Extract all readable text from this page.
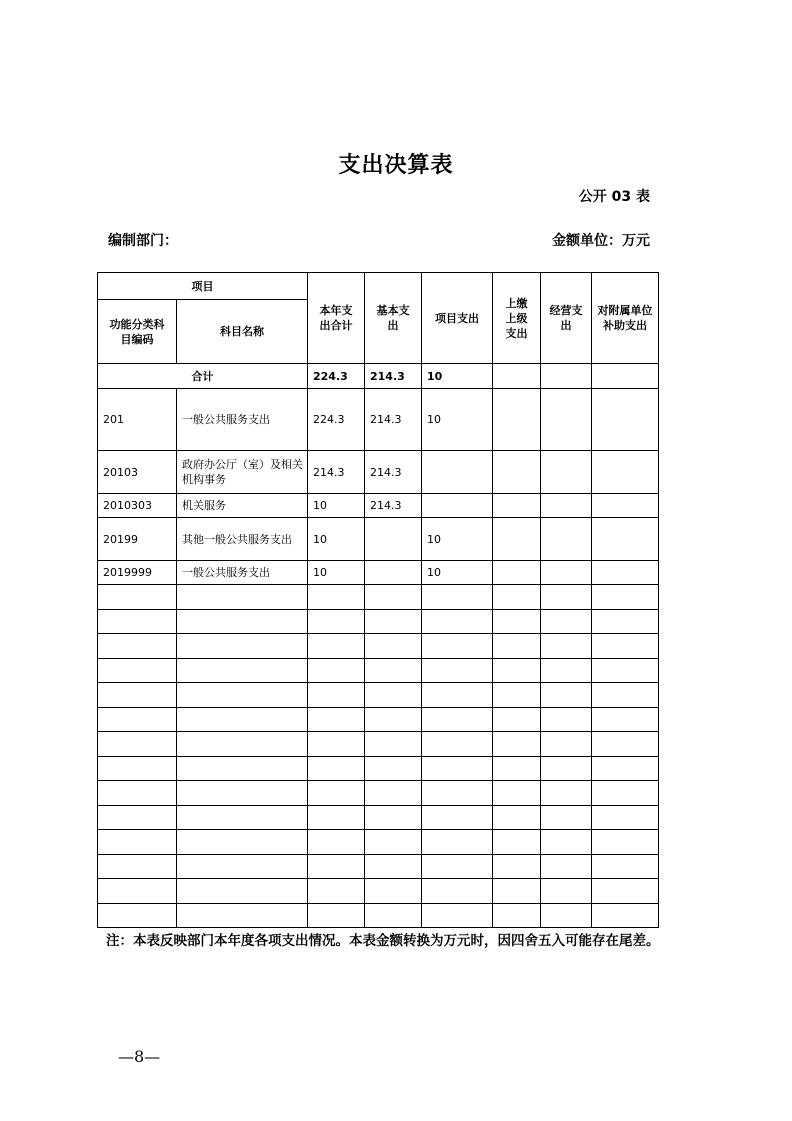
支出决算表
公开 03 表
编制部门：	金额单位：万元
项目		本年支出合计	基本支出	项目支出	上缴上级支出	经营支出	对附属单位补助支出
功能分类科目编码	科目名称						
合计		224.3	214.3	10			
201	一般公共服务支出	224.3	214.3	10			
20103	政府办公厅（室）及相关机构事务	214.3	214.3				
2010303	机关服务	10	214.3				
20199	其他一般公共服务支出	10		10			
2019999	一般公共服务支出	10		10			

注：本表反映部门本年度各项支出情况。本表金额转换为万元时，因四舍五入可能存在尾差。
—8—
